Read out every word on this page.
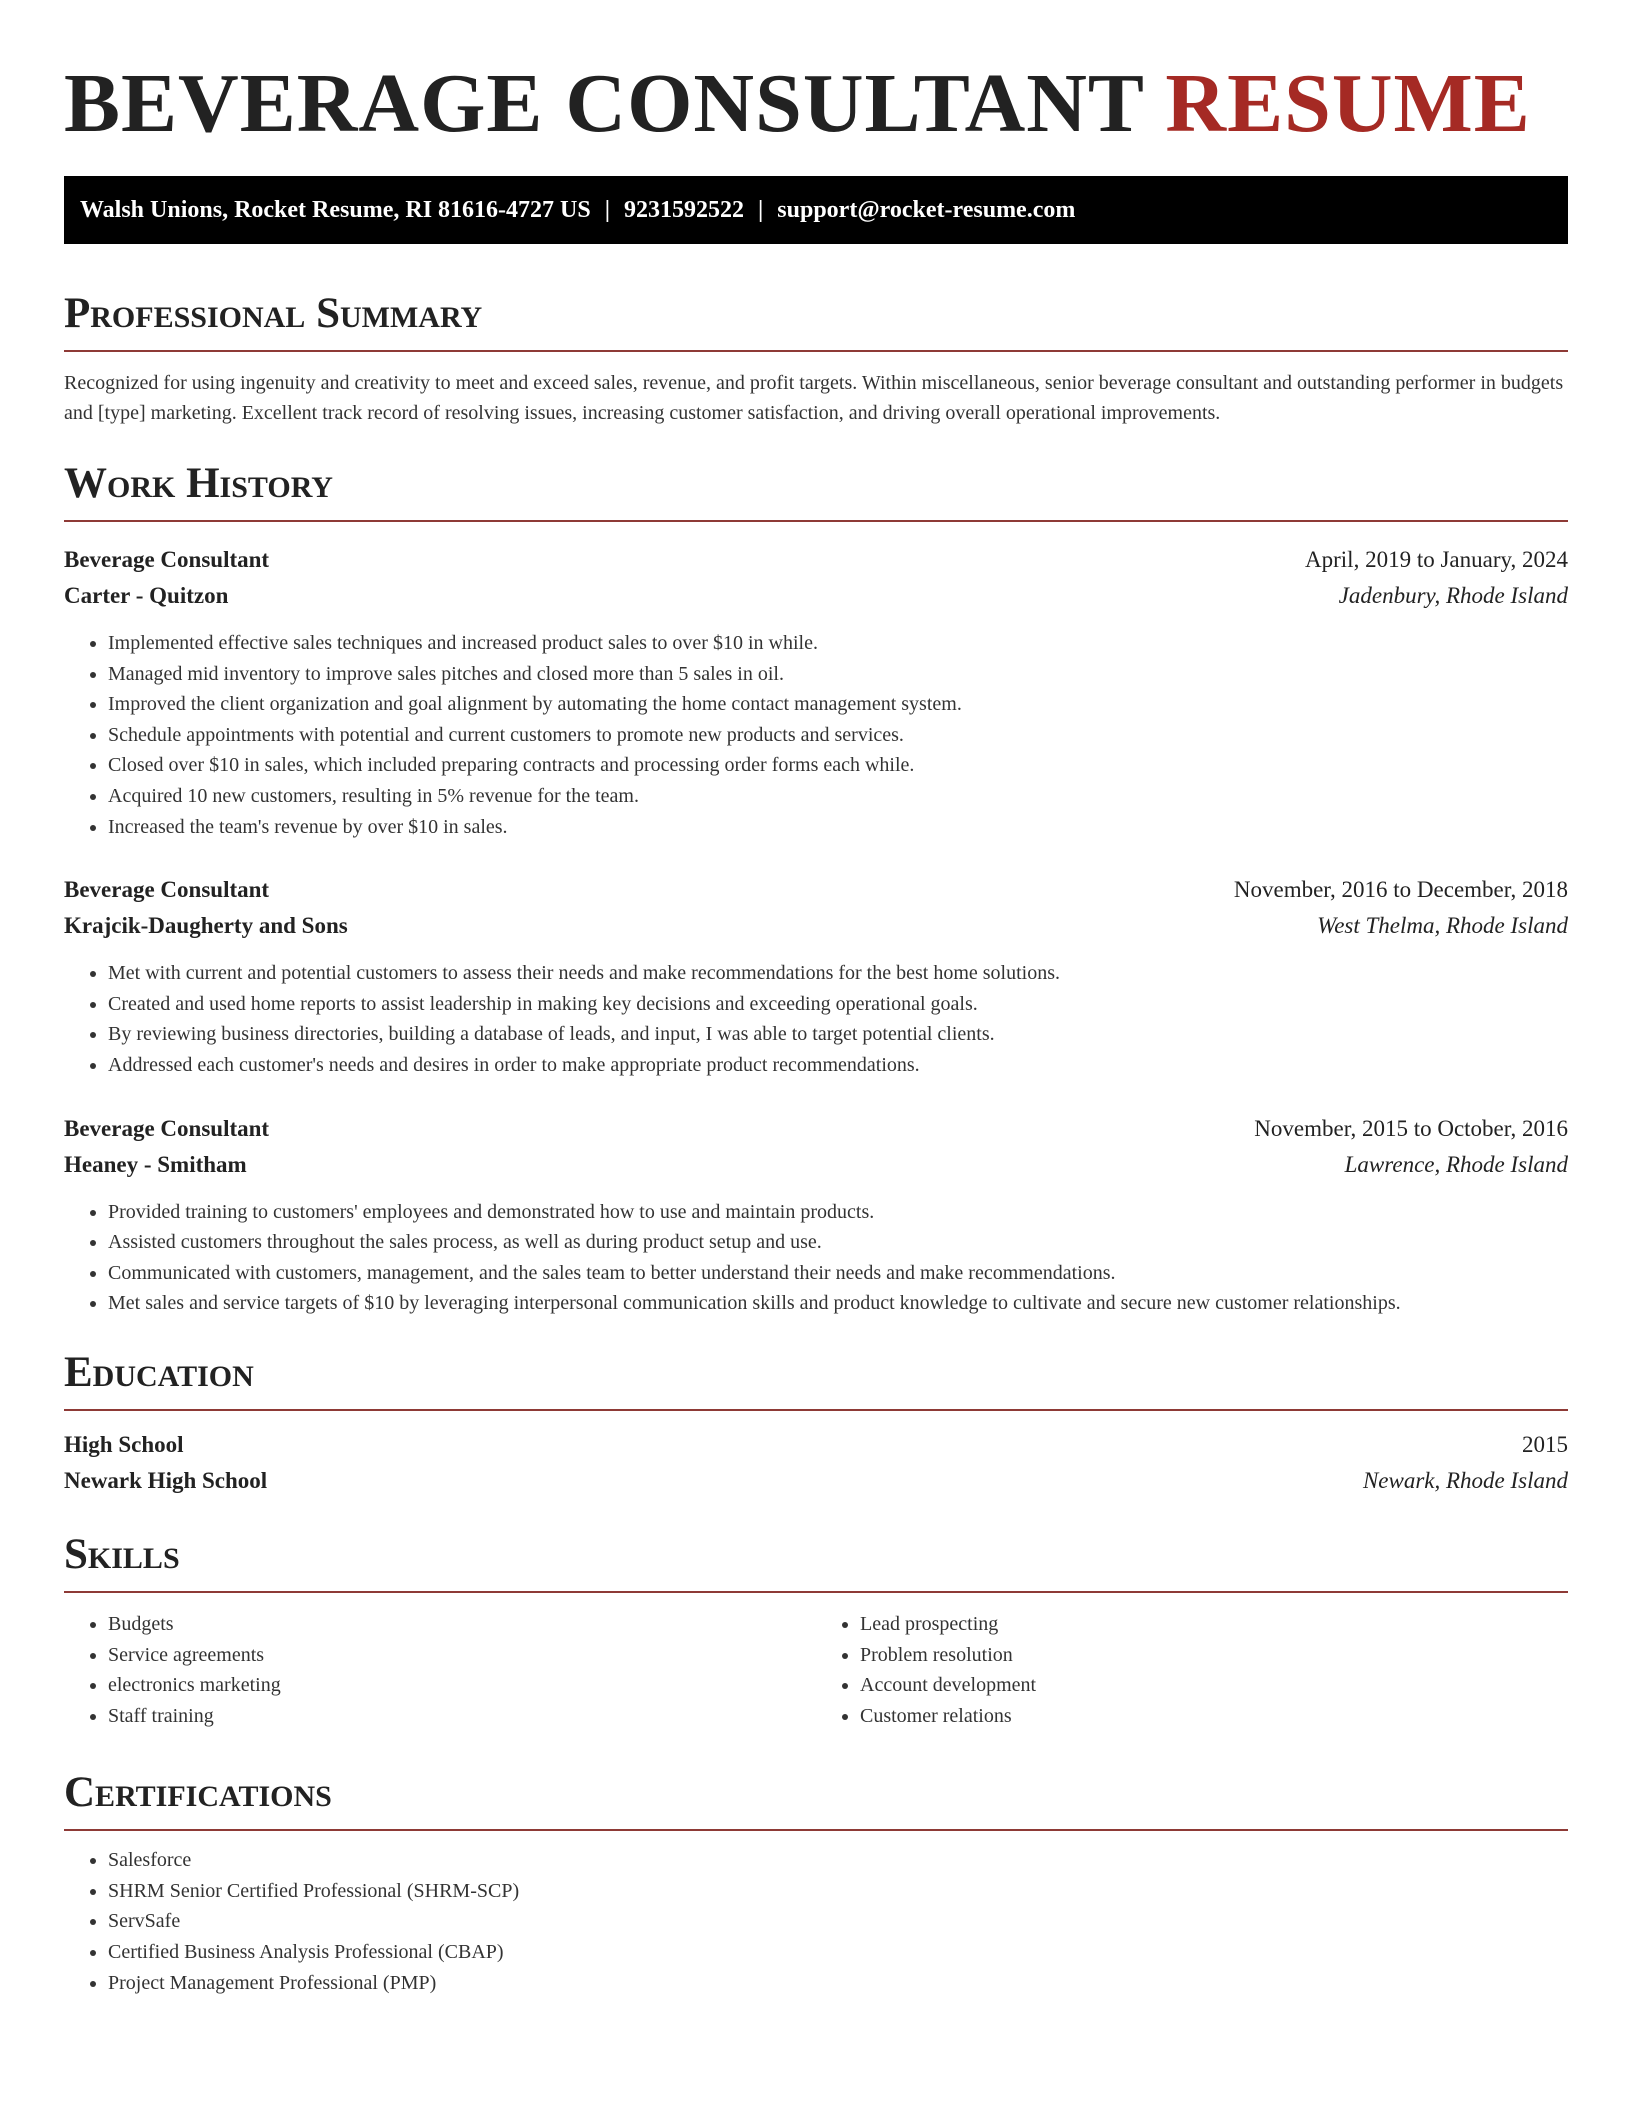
BEVERAGE CONSULTANT RESUME
Walsh Unions, Rocket Resume, RI 81616-4727 US | 9231592522 | support@rocket-resume.com
Professional Summary

Recognized for using ingenuity and creativity to meet and exceed sales, revenue, and profit targets. Within miscellaneous, senior beverage consultant and outstanding performer in budgets and [type] marketing. Excellent track record of resolving issues, increasing customer satisfaction, and driving overall operational improvements.

Work History
Beverage Consultant	April, 2019 to January, 2024
Carter - Quitzon	Jadenbury, Rhode Island
• Implemented effective sales techniques and increased product sales to over $10 in while.
• Managed mid inventory to improve sales pitches and closed more than 5 sales in oil.
• Improved the client organization and goal alignment by automating the home contact management system.
• Schedule appointments with potential and current customers to promote new products and services.
• Closed over $10 in sales, which included preparing contracts and processing order forms each while.
• Acquired 10 new customers, resulting in 5% revenue for the team.
• Increased the team's revenue by over $10 in sales.
Beverage Consultant	November, 2016 to December, 2018
Krajcik-Daugherty and Sons	West Thelma, Rhode Island
• Met with current and potential customers to assess their needs and make recommendations for the best home solutions.
• Created and used home reports to assist leadership in making key decisions and exceeding operational goals.
• By reviewing business directories, building a database of leads, and input, I was able to target potential clients.
• Addressed each customer's needs and desires in order to make appropriate product recommendations.
Beverage Consultant	November, 2015 to October, 2016
Heaney - Smitham	Lawrence, Rhode Island
• Provided training to customers' employees and demonstrated how to use and maintain products.
• Assisted customers throughout the sales process, as well as during product setup and use.
• Communicated with customers, management, and the sales team to better understand their needs and make recommendations.
• Met sales and service targets of $10 by leveraging interpersonal communication skills and product knowledge to cultivate and secure new customer relationships.
Education
High School	2015
Newark High School	Newark, Rhode Island
Skills
• Budgets
• Service agreements
• electronics marketing
• Staff training
• Lead prospecting
• Problem resolution
• Account development
• Customer relations
Certifications
• Salesforce
• SHRM Senior Certified Professional (SHRM-SCP)
• ServSafe
• Certified Business Analysis Professional (CBAP)
• Project Management Professional (PMP)
